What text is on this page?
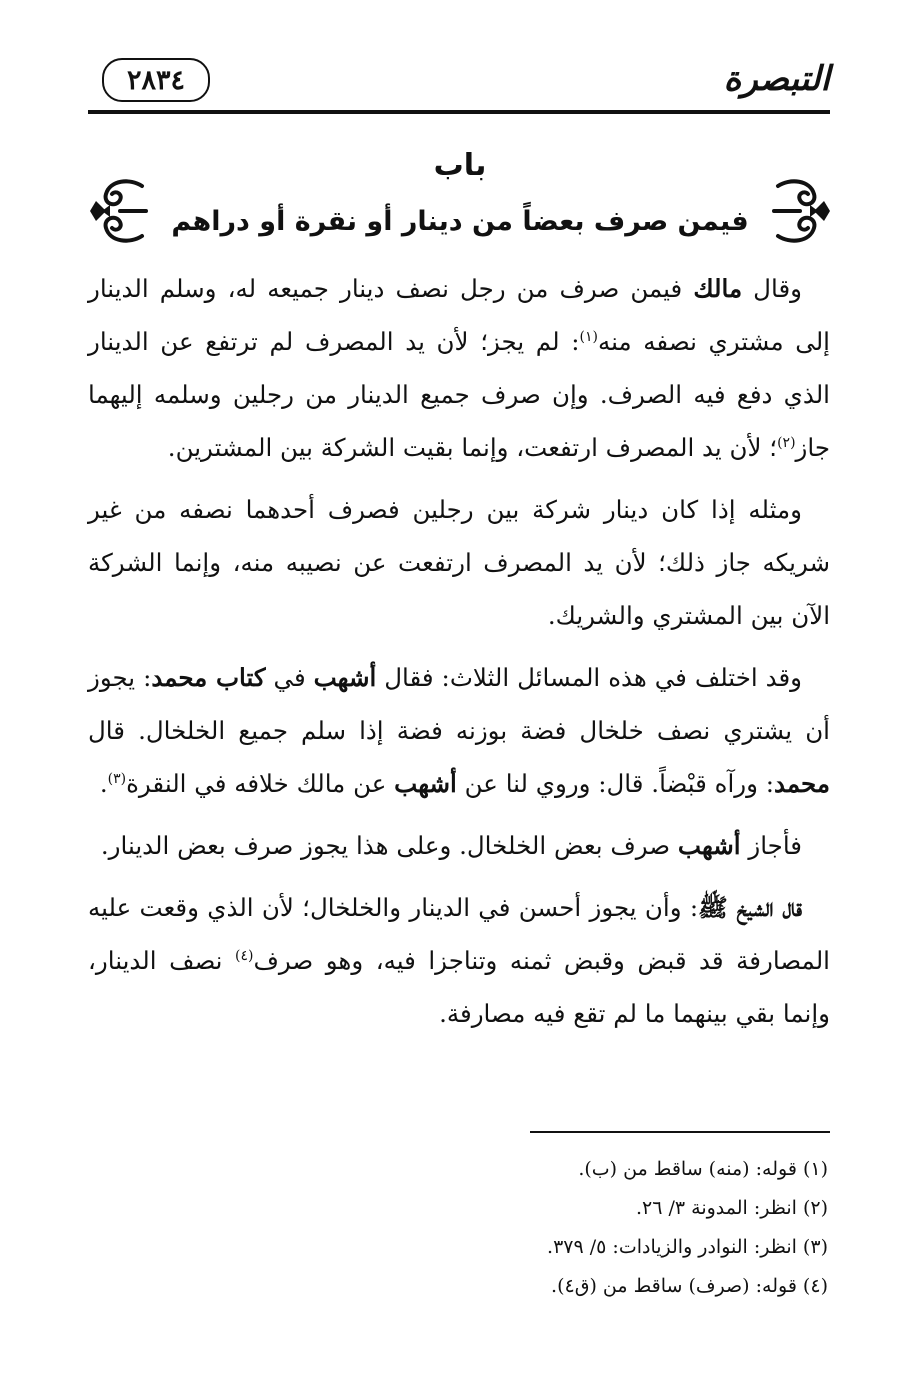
٢٨٣٤	التبصرة
باب
فيمن صرف بعضاً من دينار أو نقرة أو دراهم

وقال مالك فيمن صرف من رجل نصف دينار جميعه له، وسلم الدينار إلى مشتري نصفه منه$^{(١)}$: لم يجز؛ لأن يد المصرف لم ترتفع عن الدينار الذي دفع فيه الصرف. وإن صرف جميع الدينار من رجلين وسلمه إليهما جاز$^{(٢)}$؛ لأن يد المصرف ارتفعت، وإنما بقيت الشركة بين المشترين.

ومثله إذا كان دينار شركة بين رجلين فصرف أحدهما نصفه من غير شريكه جاز ذلك؛ لأن يد المصرف ارتفعت عن نصيبه منه، وإنما الشركة الآن بين المشتري والشريك.

وقد اختلف في هذه المسائل الثلاث: فقال أشهب في كتاب محمد: يجوز أن يشتري نصف خلخال فضة بوزنه فضة إذا سلم جميع الخلخال. قال محمد: ورآه قبْضاً. قال: وروي لنا عن أشهب عن مالك خلافه في النقرة$^{(٣)}$.

فأجاز أشهب صرف بعض الخلخال. وعلى هذا يجوز صرف بعض الدينار.

قال الشيخ ﷺ: وأن يجوز أحسن في الدينار والخلخال؛ لأن الذي وقعت عليه المصارفة قد قبض وقبض ثمنه وتناجزا فيه، وهو صرف$^{(٤)}$ نصف الدينار، وإنما بقي بينهما ما لم تقع فيه مصارفة.

(١) قوله: (منه) ساقط من (ب).
(٢) انظر: المدونة ٣/ ٢٦.
(٣) انظر: النوادر والزيادات: ٥/ ٣٧٩.
(٤) قوله: (صرف) ساقط من (ق٤).
